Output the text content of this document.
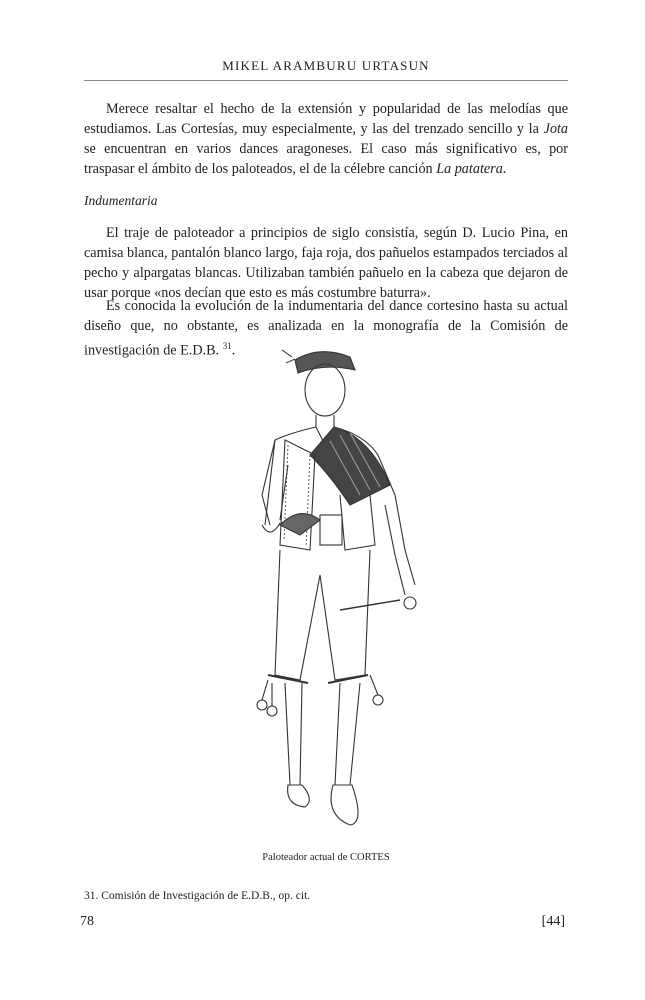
MIKEL ARAMBURU URTASUN

Merece resaltar el hecho de la extensión y popularidad de las melodías que estudiamos. Las Cortesías, muy especialmente, y las del trenzado sencillo y la Jota se encuentran en varios dances aragoneses. El caso más significativo es, por traspasar el ámbito de los paloteados, el de la célebre canción La patatera.

Indumentaria

El traje de paloteador a principios de siglo consistía, según D. Lucio Pina, en camisa blanca, pantalón blanco largo, faja roja, dos pañuelos estampados terciados al pecho y alpargatas blancas. Utilizaban también pañuelo en la cabeza que dejaron de usar porque «nos decían que esto es más costumbre baturra».

Es conocida la evolución de la indumentaria del dance cortesino hasta su actual diseño que, no obstante, es analizada en la monografía de la Comisión de investigación de E.D.B. $^{31}$.

Paloteador actual de CORTES
31. Comisión de Investigación de E.D.B., op. cit.
78	[44]
